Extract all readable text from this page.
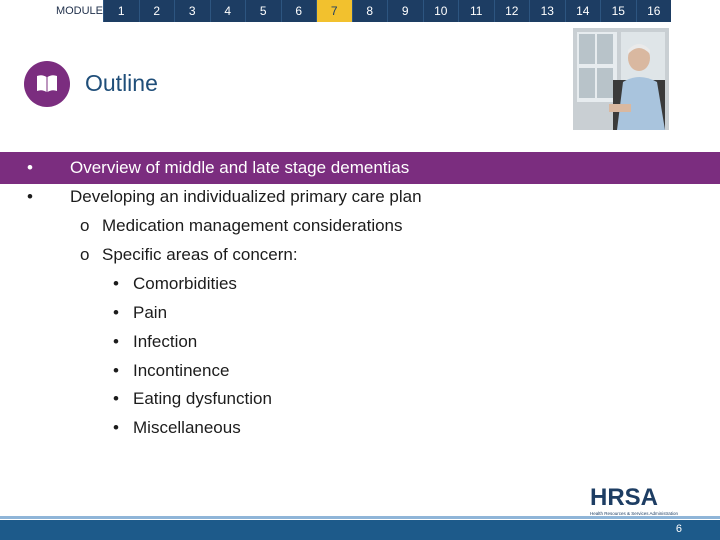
MODULE	1	2	3	4	5	6	7	8	9	10	11	12	13	14	15	16
Outline
• Overview of middle and late stage dementias
• Developing an individualized primary care plan
o Medication management considerations
o Specific areas of concern:
• Comorbidities
• Pain
• Infection
• Incontinence
• Eating dysfunction
• Miscellaneous
HRSA
Health Resources & Services Administration
6
